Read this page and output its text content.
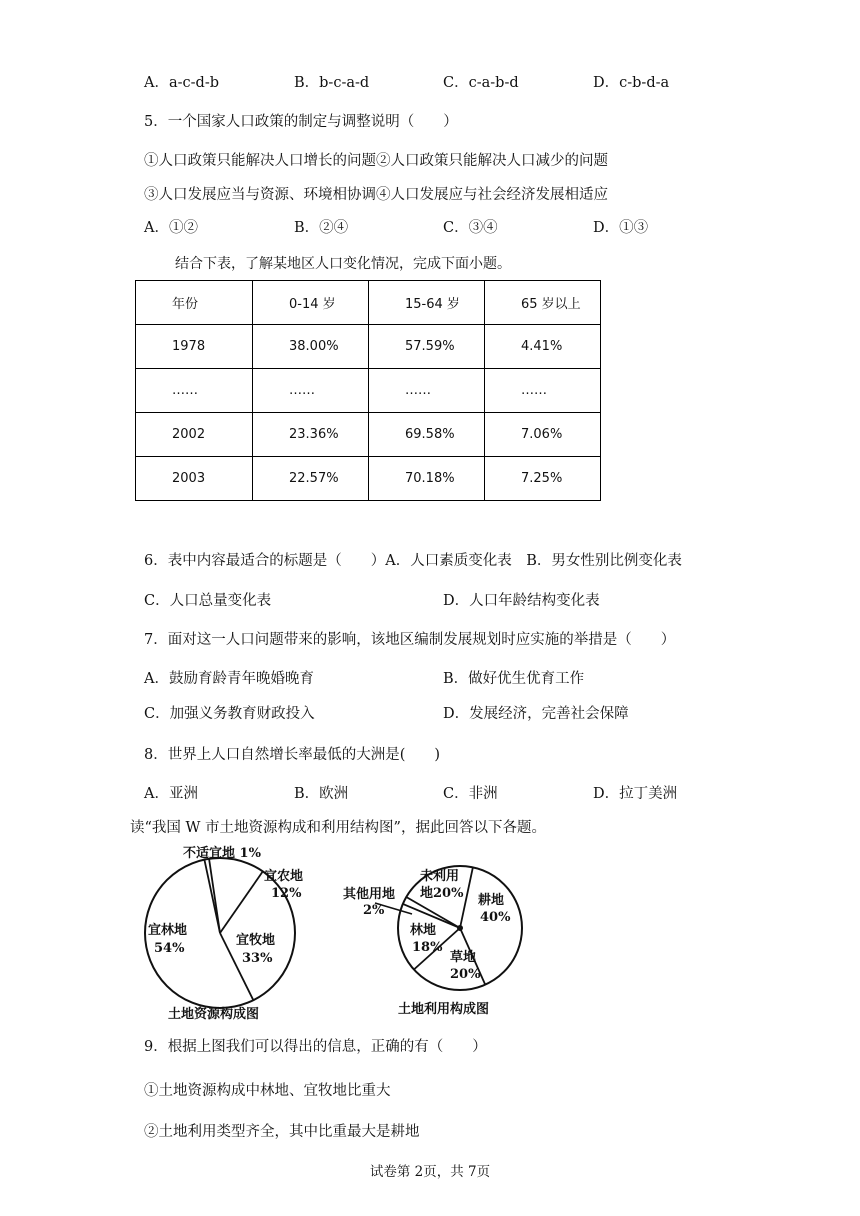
A．a-c-d-b	B．b-c-a-d	C．c-a-b-d	D．c-b-d-a
5．一个国家人口政策的制定与调整说明（　　）
①人口政策只能解决人口增长的问题②人口政策只能解决人口减少的问题
③人口发展应当与资源、环境相协调④人口发展应与社会经济发展相适应
A．①②	B．②④	C．③④	D．①③
结合下表，了解某地区人口变化情况，完成下面小题。
年份	0-14 岁	15-64 岁	65 岁以上
1978	38.00%	57.59%	4.41%
……	……	……	……
2002	23.36%	69.58%	7.06%
2003	22.57%	70.18%	7.25%
6．表中内容最适合的标题是（　　）A．人口素质变化表　B．男女性别比例变化表
C．人口总量变化表	D．人口年龄结构变化表
7．面对这一人口问题带来的影响，该地区编制发展规划时应实施的举措是（　　）
A．鼓励育龄青年晚婚晚育	B．做好优生优育工作
C．加强义务教育财政投入	D．发展经济，完善社会保障
8．世界上人口自然增长率最低的大洲是(　　)
A．亚洲	B．欧洲	C．非洲	D．拉丁美洲
读“我国 W 市土地资源构成和利用结构图”，据此回答以下各题。
不适宜地 1%
宜农地
12%
宜林地
54%
宜牧地
33%
土地资源构成图
未利用
地20% 耕地
40%
其他用地
2%
林地
18%
草地
20%
土地利用构成图
9．根据上图我们可以得出的信息，正确的有（　　）
①土地资源构成中林地、宜牧地比重大
②土地利用类型齐全，其中比重最大是耕地
试卷第 2页，共 7页
